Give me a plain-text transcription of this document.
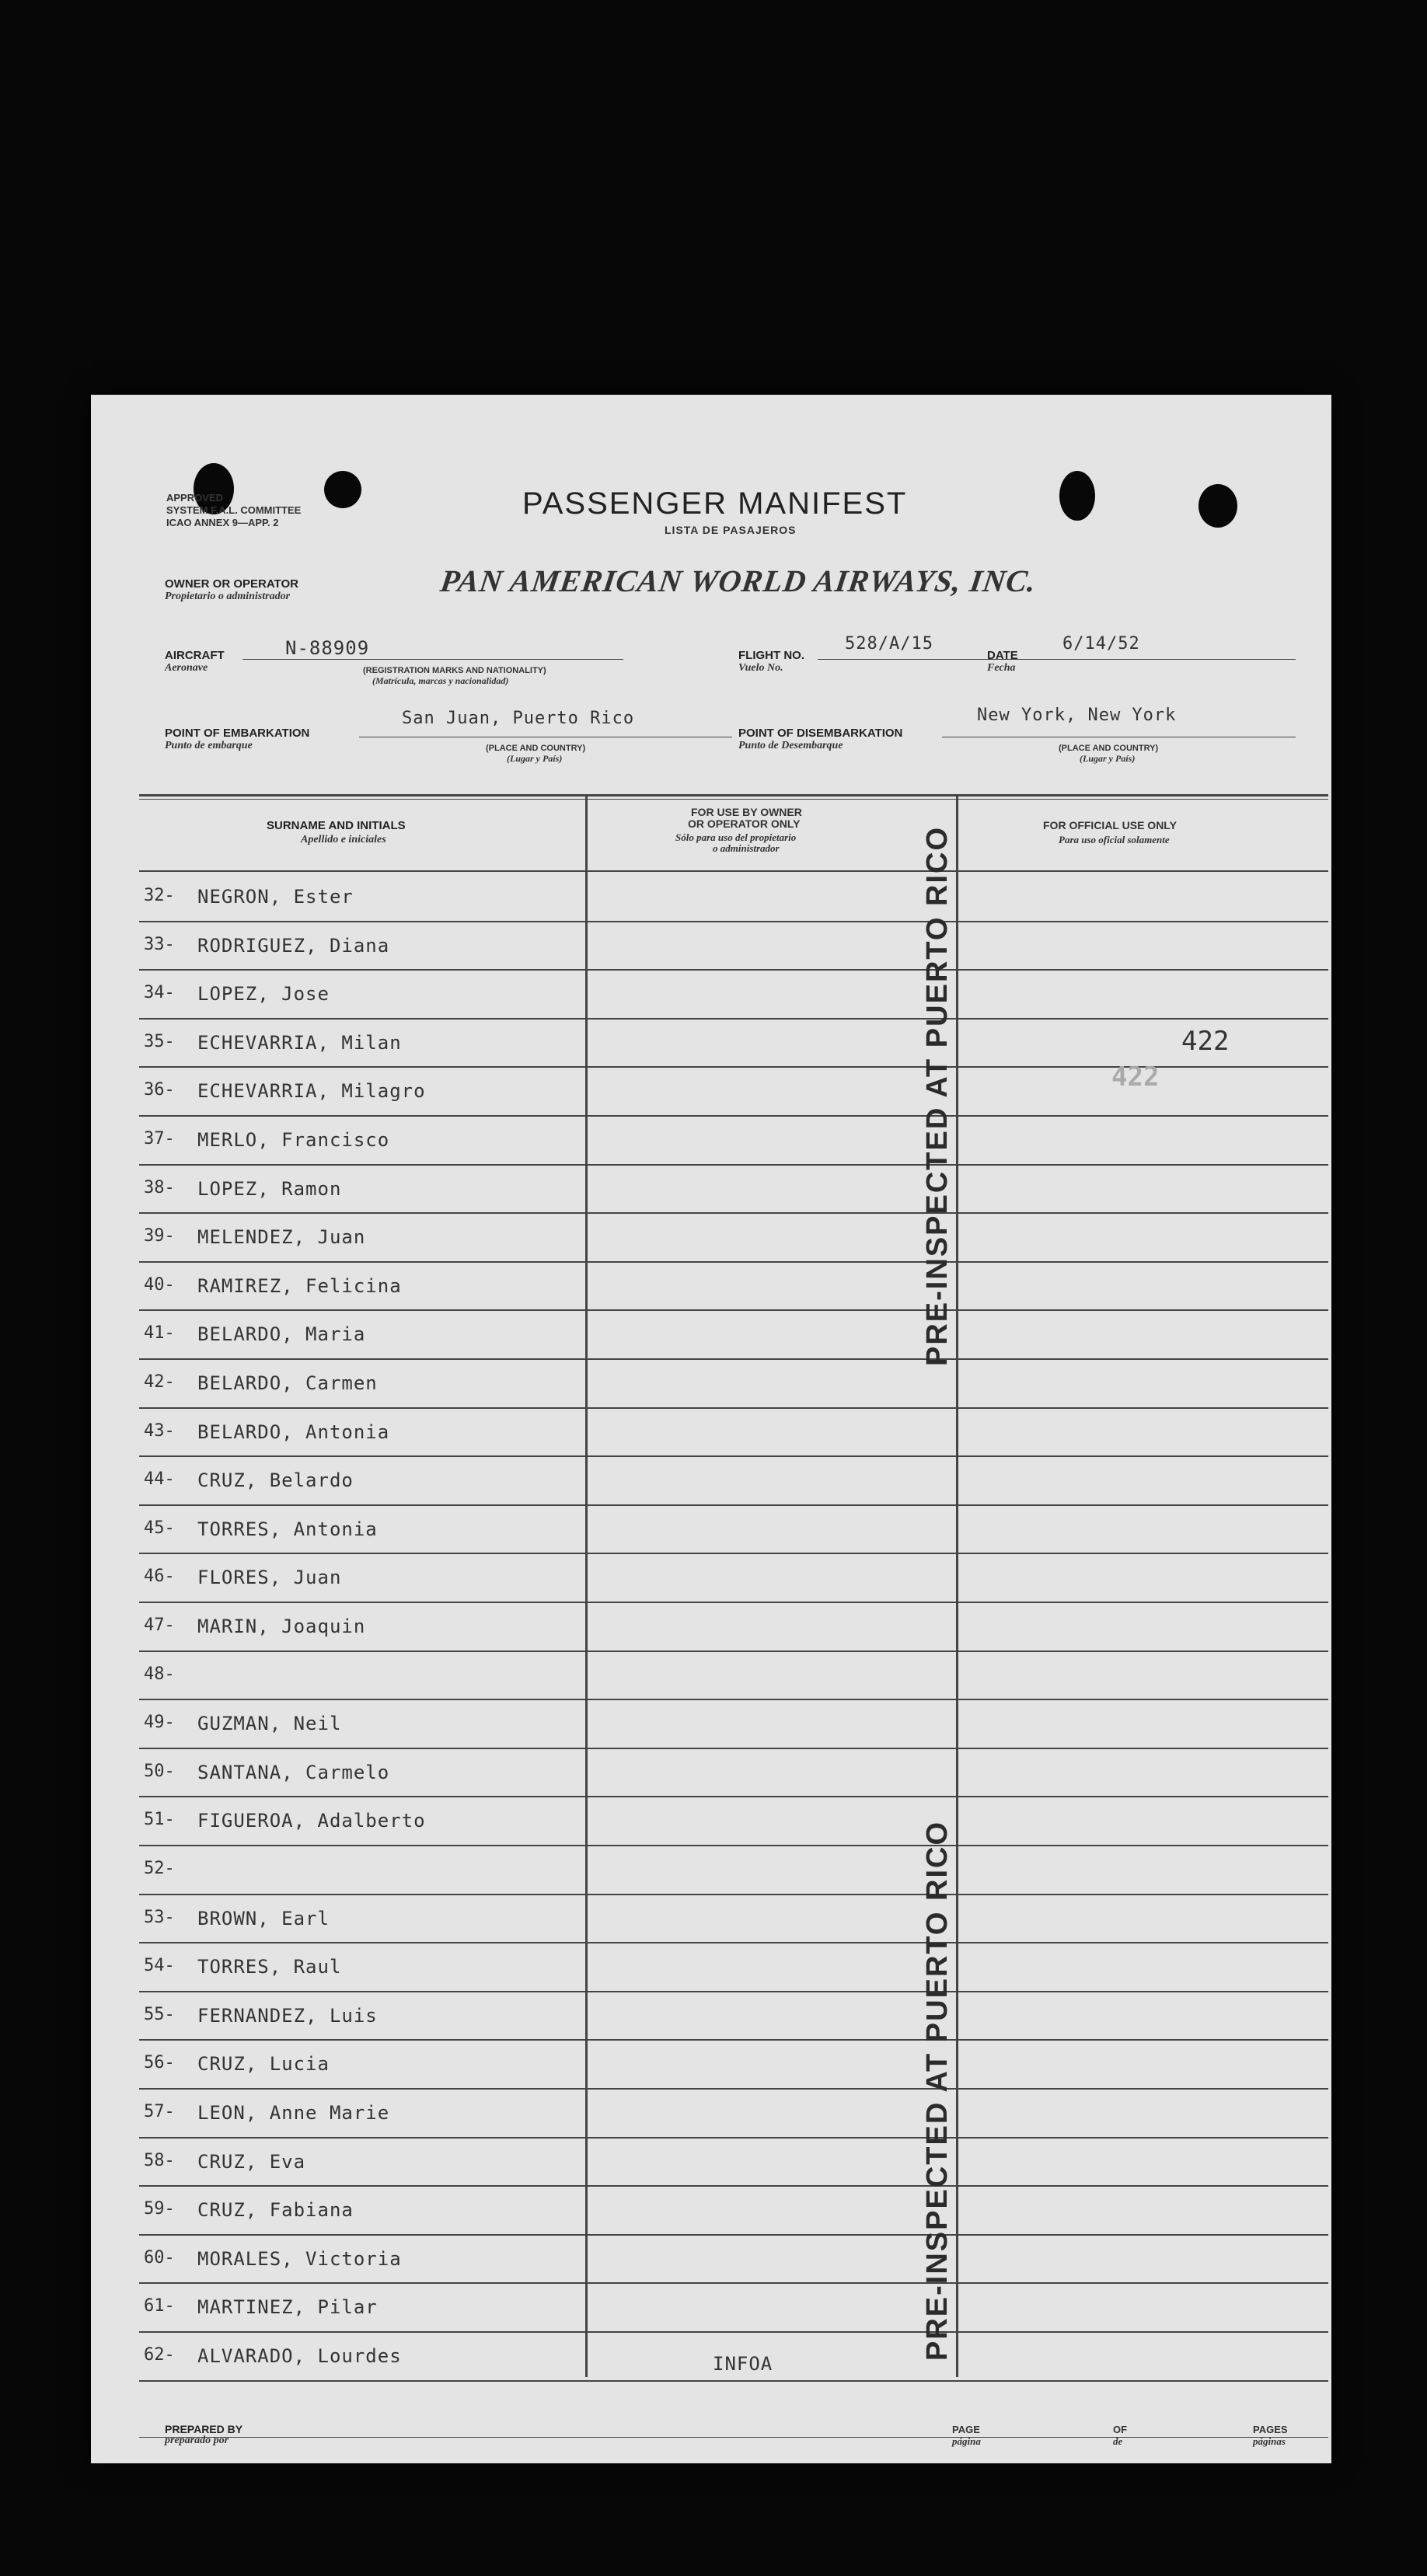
APPROVED
SYSTEM F.A.L. COMMITTEE
ICAO ANNEX 9—APP. 2
PASSENGER MANIFEST
LISTA DE PASAJEROS
OWNER OR OPERATOR
Propietario o administrador	PAN AMERICAN WORLD AIRWAYS, INC.
AIRCRAFT
Aeronave
N-88909
(REGISTRATION MARKS AND NATIONALITY)
(Matrícula, marcas y nacionalidad)
FLIGHT NO.
Vuelo No.
528/A/15
DATE
Fecha
6/14/52
POINT OF EMBARKATION
Punto de embarque
San Juan, Puerto Rico
(PLACE AND COUNTRY)
(Lugar y País)
POINT OF DISEMBARKATION
Punto de Desembarque
New York, New York
(PLACE AND COUNTRY)
(Lugar y País)
SURNAME AND INITIALS
Apellido e iniciales
FOR USE BY OWNER
OR OPERATOR ONLY
Sólo para uso del propietario
o administrador
FOR OFFICIAL USE ONLY
Para uso oficial solamente
32- NEGRON, Ester
33- RODRIGUEZ, Diana
34- LOPEZ, Jose
35- ECHEVARRIA, Milan
36- ECHEVARRIA, Milagro
37- MERLO, Francisco
38- LOPEZ, Ramon
39- MELENDEZ, Juan
40- RAMIREZ, Felicina
41- BELARDO, Maria
42- BELARDO, Carmen
43- BELARDO, Antonia
44- CRUZ, Belardo
45- TORRES, Antonia
46- FLORES, Juan
47- MARIN, Joaquin
48-
49- GUZMAN, Neil
50- SANTANA, Carmelo
51- FIGUEROA, Adalberto
52-
53- BROWN, Earl
54- TORRES, Raul
55- FERNANDEZ, Luis
56- CRUZ, Lucia
57- LEON, Anne Marie
58- CRUZ, Eva
59- CRUZ, Fabiana
60- MORALES, Victoria
61- MARTINEZ, Pilar
62- ALVARADO, Lourdes
422
422
INFOA
PRE-INSPECTED AT PUERTO RICO
PRE-INSPECTED AT PUERTO RICO
PREPARED BY
preparado por
PAGE
página
OF
de
PAGES
páginas
